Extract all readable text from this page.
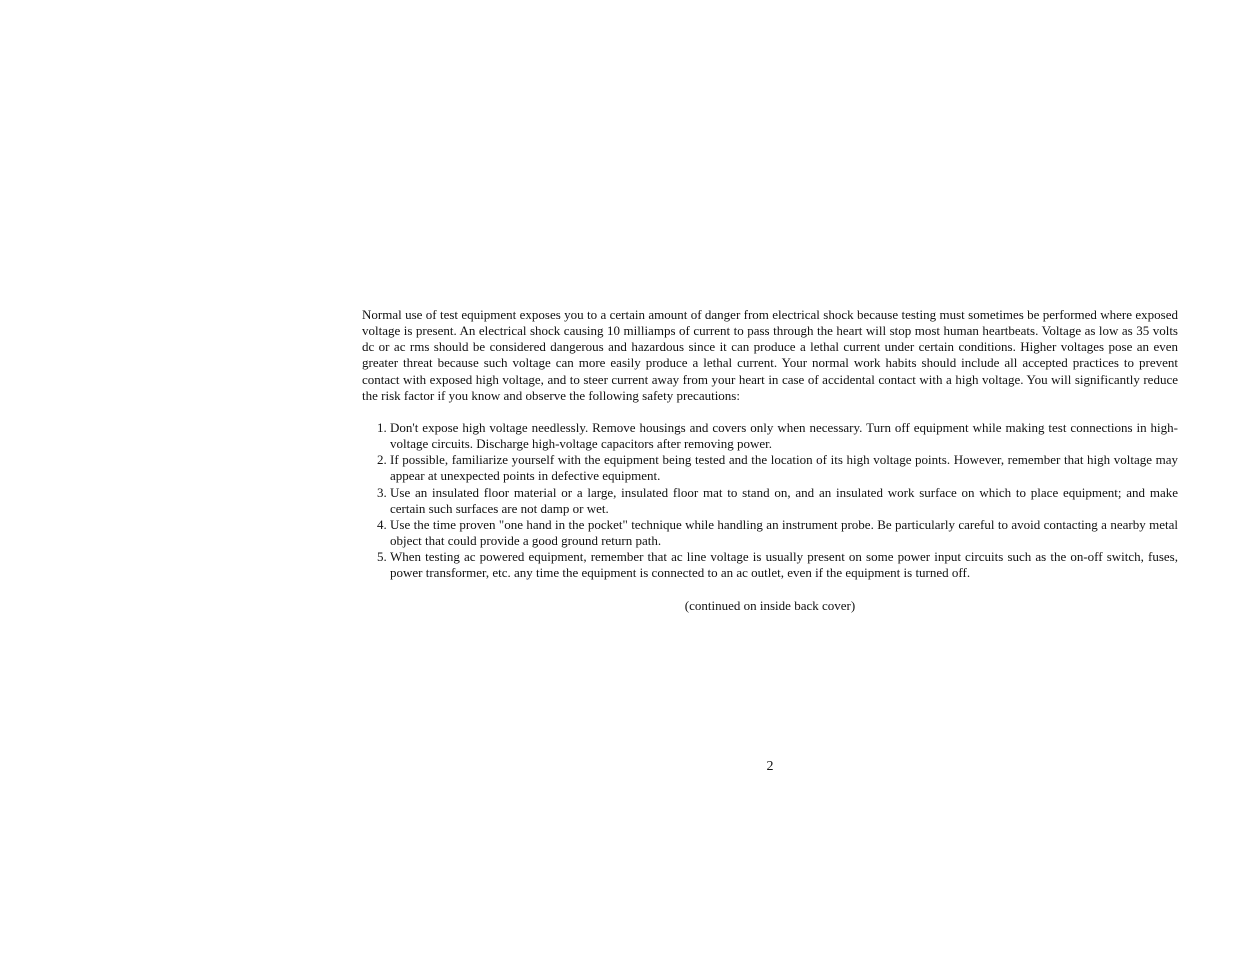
Normal use of test equipment exposes you to a certain amount of danger from electrical shock because testing must sometimes be performed where exposed voltage is present. An electrical shock causing 10 milliamps of current to pass through the heart will stop most human heartbeats. Voltage as low as 35 volts dc or ac rms should be considered dangerous and hazardous since it can produce a lethal current under certain conditions. Higher voltages pose an even greater threat because such voltage can more easily produce a lethal current. Your normal work habits should include all accepted practices to prevent contact with exposed high voltage, and to steer current away from your heart in case of accidental contact with a high voltage. You will significantly reduce the risk factor if you know and observe the following safety precautions:

1. Don't expose high voltage needlessly. Remove housings and covers only when necessary. Turn off equipment while making test connections in high-voltage circuits. Discharge high-voltage capacitors after removing power.
2. If possible, familiarize yourself with the equipment being tested and the location of its high voltage points. However, remember that high voltage may appear at unexpected points in defective equipment.
3. Use an insulated floor material or a large, insulated floor mat to stand on, and an insulated work surface on which to place equipment; and make certain such surfaces are not damp or wet.
4. Use the time proven "one hand in the pocket" technique while handling an instrument probe. Be particularly careful to avoid contacting a nearby metal object that could provide a good ground return path.
5. When testing ac powered equipment, remember that ac line voltage is usually present on some power input circuits such as the on-off switch, fuses, power transformer, etc. any time the equipment is connected to an ac outlet, even if the equipment is turned off.

(continued on inside back cover)

2
